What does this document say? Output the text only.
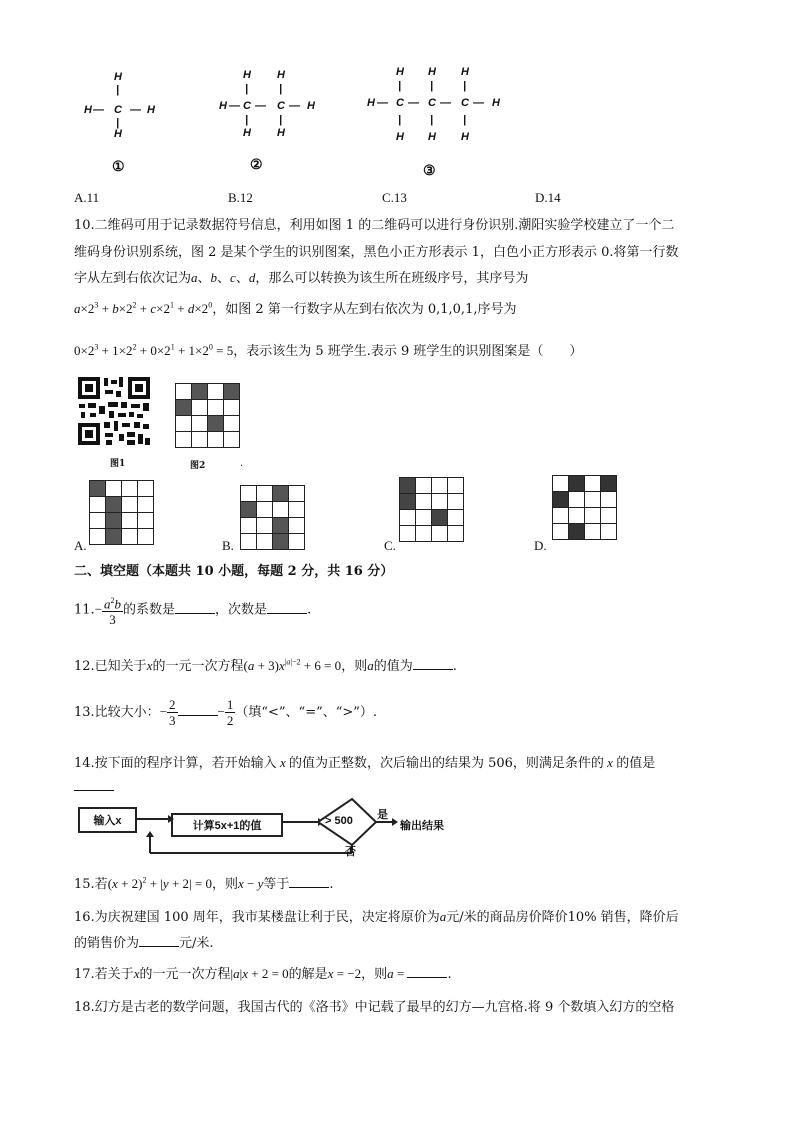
H
H — C — H
H
|
|
①
H H
H — C — C — H
H H
|	|
|	|
②
H H H
H — C — C — C — H
H H H
|	|	|
|	|	|
③
A.11	B.12	C.13	D.14
10.二维码可用于记录数据符号信息，利用如图 1 的二维码可以进行身份识别.潮阳实验学校建立了一个二
维码身份识别系统，图 2 是某个学生的识别图案，黑色小正方形表示 1，白色小正方形表示 0.将第一行数
字从左到右依次记为a、b、c、d，那么可以转换为该生所在班级序号，其序号为
$a\times 2^3 + b\times 2^2 + c\times 2^1 + d\times 2^0$，如图 2 第一行数字从左到右依次为 0,1,0,1,序号为
$0\times 2^3 + 1\times 2^2 + 0\times 2^1 + 1\times 2^0 = 5$，表示该生为 5 班学生.表示 9 班学生的识别图案是（　　）
图1

				图2	.

A.

				B.

				C.

				D.
二、填空题（本题共 10 小题，每题 2 分，共 16 分）
$11.- \frac{a^2b}{3}$ 的系数是	，次数是	.
12.已知关于x的一元一次方程$(a + 3)x^{|a|-2} + 6 = 0$，则a的值为	.
13.比较大小：− $\frac{2}{3}$	− $\frac{1}{2}$ （填“<”、“=”、“>”）.
14.按下面的程序计算，若开始输入 x 的值为正整数，次后输出的结果为 506，则满足条件的 x 的值是
输入x	计算5x+1的值	> 500 是
输出结果
否
15.若$(x + 2)^2 + |y + 2| = 0$，则x − y等于	.
16.为庆祝建国 100 周年，我市某楼盘让利于民，决定将原价为a元/米的商品房价降价10% 销售，降价后
的销售价为	元/米.
17.若关于x的一元一次方程|a|x + 2 = 0的解是x = −2，则a =	.
18.幻方是古老的数学问题，我国古代的《洛书》中记载了最早的幻方—九宫格.将 9 个数填入幻方的空格
